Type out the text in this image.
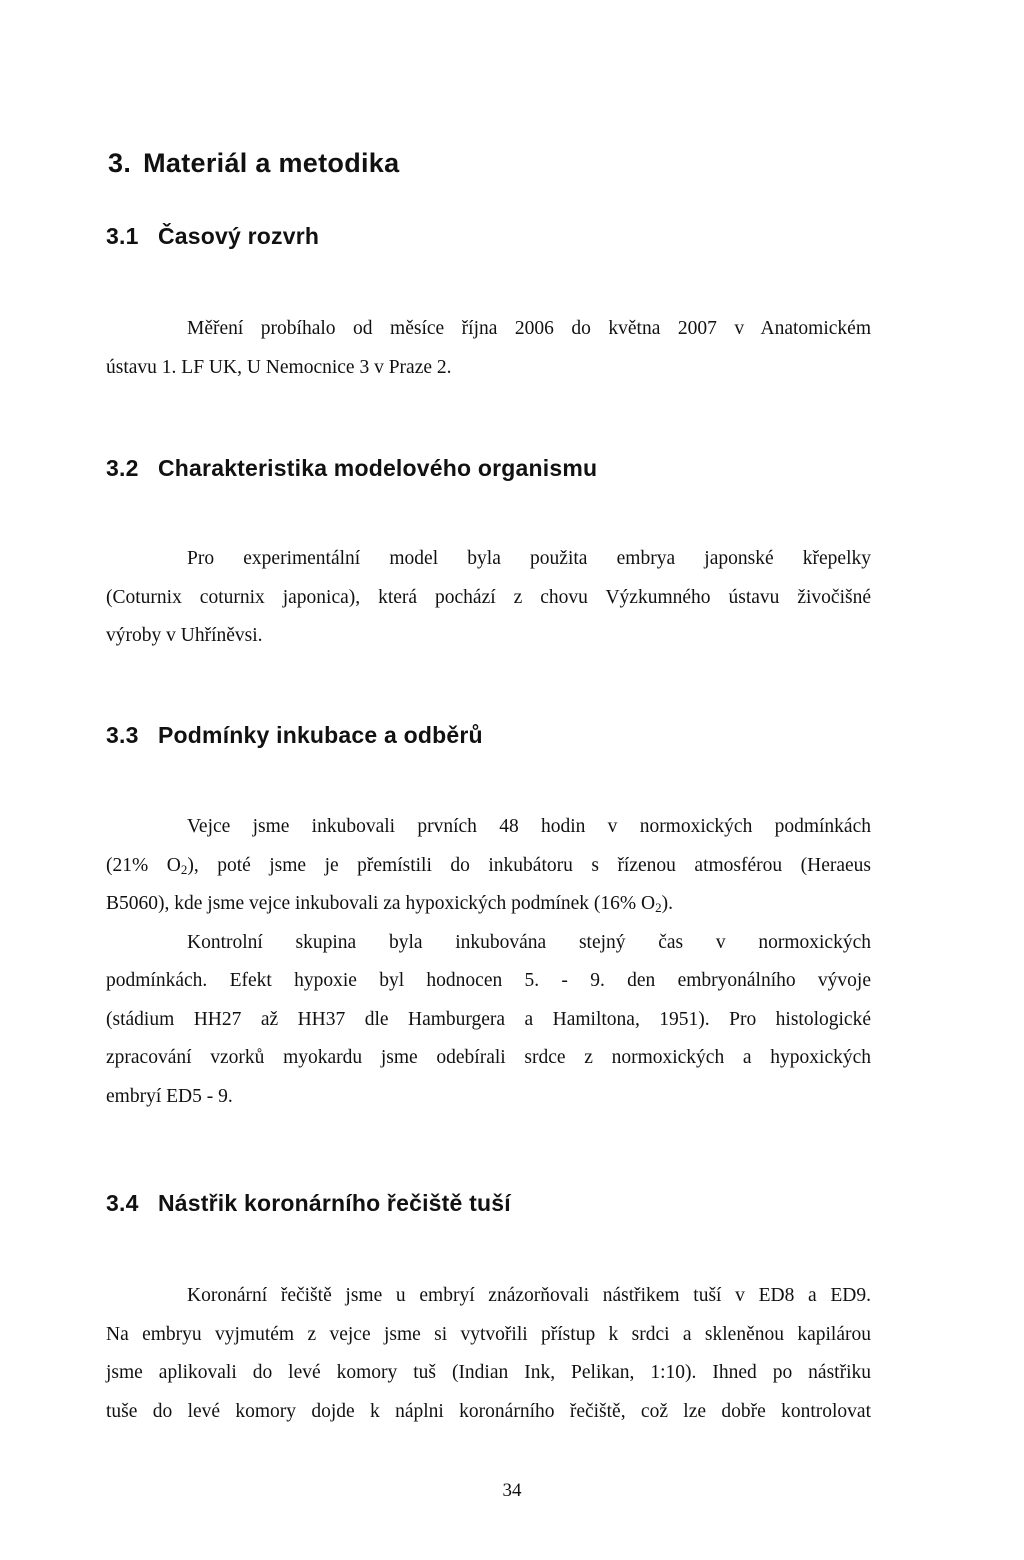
3. Materiál a metodika
3.1 Časový rozvrh
Měření probíhalo od měsíce října 2006 do května 2007 v Anatomickém
ústavu 1. LF UK, U Nemocnice 3 v Praze 2.
3.2 Charakteristika modelového organismu
Pro experimentální model byla použita embrya japonské křepelky
(Coturnix coturnix japonica), která pochází z chovu Výzkumného ústavu živočišné
výroby v Uhříněvsi.
3.3 Podmínky inkubace a odběrů
Vejce jsme inkubovali prvních 48 hodin v normoxických podmínkách
(21% $O_2$), poté jsme je přemístili do inkubátoru s řízenou atmosférou (Heraeus
B5060), kde jsme vejce inkubovali za hypoxických podmínek (16% $O_2$).
Kontrolní skupina byla inkubována stejný čas v normoxických
podmínkách. Efekt hypoxie byl hodnocen 5. - 9. den embryonálního vývoje
(stádium HH27 až HH37 dle Hamburgera a Hamiltona, 1951). Pro histologické
zpracování vzorků myokardu jsme odebírali srdce z normoxických a hypoxických
embryí ED5 - 9.
3.4 Nástřik koronárního řečiště tuší
Koronární řečiště jsme u embryí znázorňovali nástřikem tuší v ED8 a ED9.
Na embryu vyjmutém z vejce jsme si vytvořili přístup k srdci a skleněnou kapilárou
jsme aplikovali do levé komory tuš (Indian Ink, Pelikan, 1:10). Ihned po nástřiku
tuše do levé komory dojde k náplni koronárního řečiště, což lze dobře kontrolovat
34
